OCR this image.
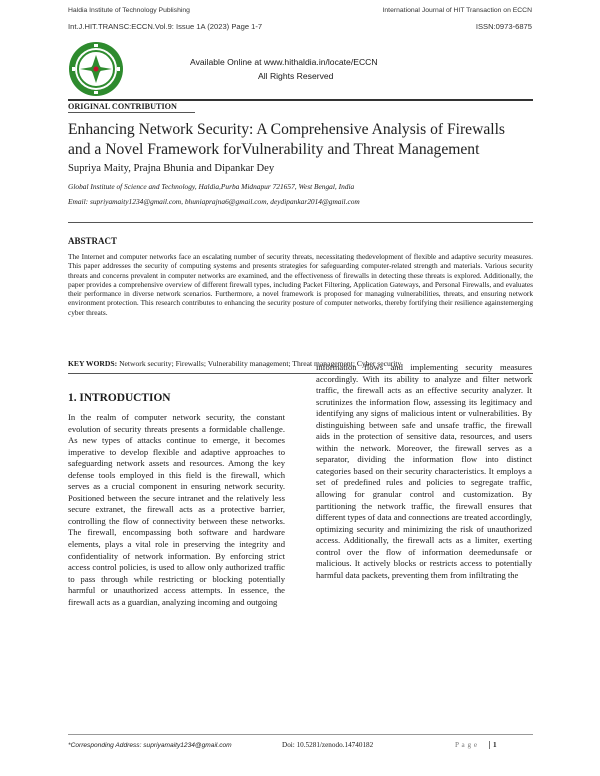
Haldia Institute of Technology Publishing	International Journal of HIT Transaction on ECCN
Int.J.HIT.TRANSC:ECCN.Vol.9: Issue 1A (2023) Page 1-7	ISSN:0973-6875
Available Online at www.hithaldia.in/locate/ECCN
All Rights Reserved
ORIGINAL CONTRIBUTION
Enhancing Network Security: A Comprehensive Analysis of Firewalls
and a Novel Framework forVulnerability and Threat Management
Supriya Maity, Prajna Bhunia and Dipankar Dey
Global Institute of Science and Technology, Haldia,Purba Midnapur 721657, West Bengal, India
Email: supriyamaity1234@gmail.com, bhuniaprajna6@gmail.com, deydipankar2014@gmail.com
ABSTRACT
The Internet and computer networks face an escalating number of security threats, necessitating thedevelopment of flexible and adaptive security measures. This paper addresses the security of computing systems and presents strategies for safeguarding computer-related strength and materials. Various security threats and concerns prevalent in computer networks are examined, and the effectiveness of firewalls in detecting these threats is explored. Additionally, the paper provides a comprehensive overview of different firewall types, including Packet Filtering, Application Gateways, and Personal Firewalls, and evaluates their performance in diverse network scenarios. Furthermore, a novel framework is proposed for managing vulnerabilities, threats, and ensuring network environment protection. This research contributes to enhancing the security posture of computer networks, thereby fortifying their resilience againstemerging cyber threats.
KEY WORDS: Network security; Firewalls; Vulnerability management; Threat management; Cyber security
1. INTRODUCTION
In the realm of computer network security, the constant evolution of security threats presents a formidable challenge. As new types of attacks continue to emerge, it becomes imperative to develop flexible and adaptive approaches to safeguarding network assets and resources. Among the key defense tools employed in this field is the firewall, which serves as a crucial component in ensuring network security. Positioned between the secure intranet and the relatively less secure extranet, the firewall acts as a protective barrier, controlling the flow of connectivity between these networks. The firewall, encompassing both software and hardware elements, plays a vital role in preserving the integrity and confidentiality of network information. By enforcing strict access control policies, is used to allow only authorized traffic to pass through while restricting or blocking potentially harmful or unauthorized access attempts. In essence, the firewall acts as a guardian, analyzing incoming and outgoing
information flows and implementing security measures accordingly. With its ability to analyze and filter network traffic, the firewall acts as an effective security analyzer. It scrutinizes the information flow, assessing its legitimacy and identifying any signs of malicious intent or vulnerabilities. By distinguishing between safe and unsafe traffic, the firewall aids in the protection of sensitive data, resources, and users within the network. Moreover, the firewall serves as a separator, dividing the information flow into distinct categories based on their security characteristics. It employs a set of predefined rules and policies to segregate traffic, allowing for granular control and customization. By partitioning the network traffic, the firewall ensures that different types of data and connections are treated accordingly, optimizing security and minimizing the risk of unauthorized access. Additionally, the firewall acts as a limiter, exerting control over the flow of information deemedunsafe or malicious. It actively blocks or restricts access to potentially harmful data packets, preventing them from infiltrating the
*Corresponding Address: supriyamaity1234@gmail.com	Doi: 10.5281/zenodo.14740182	P a g e	1
